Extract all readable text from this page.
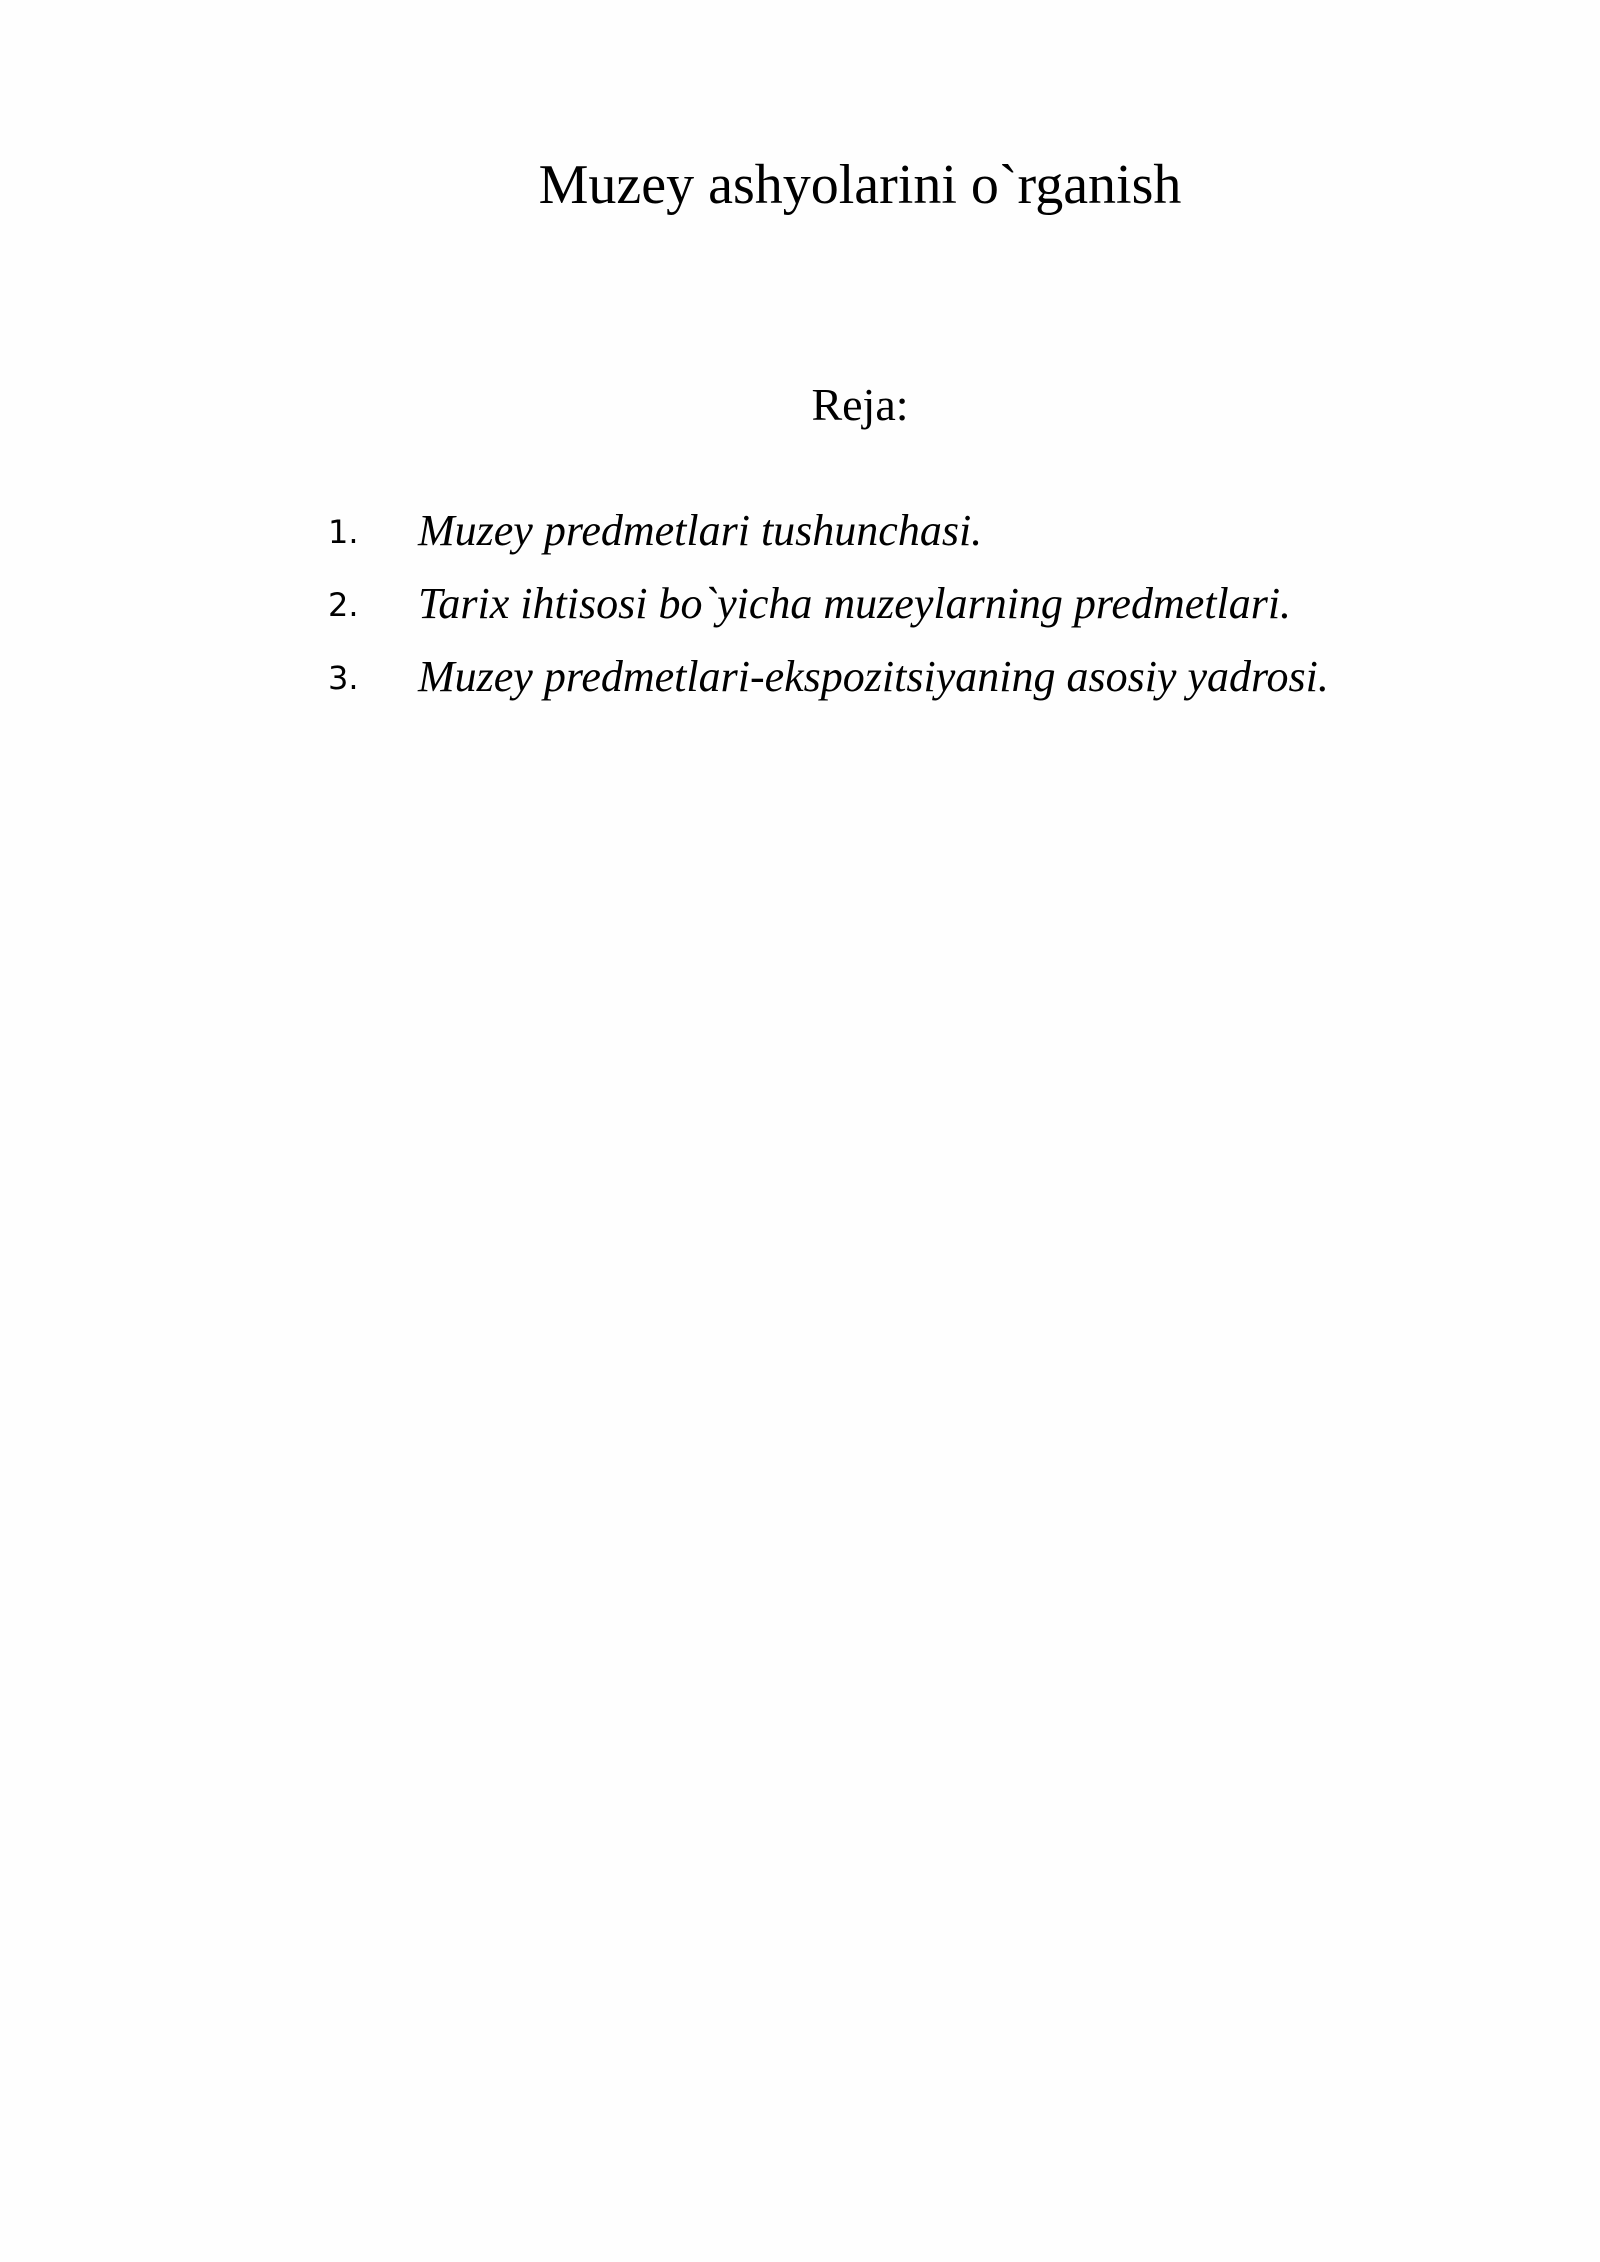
Muzey ashyolarini o`rganish
Reja:
1. Muzey predmetlari tushunchasi.
2. Tarix ihtisosi bo`yicha muzeylarning predmetlari.
3. Muzey predmetlari-ekspozitsiyaning asosiy yadrosi.
